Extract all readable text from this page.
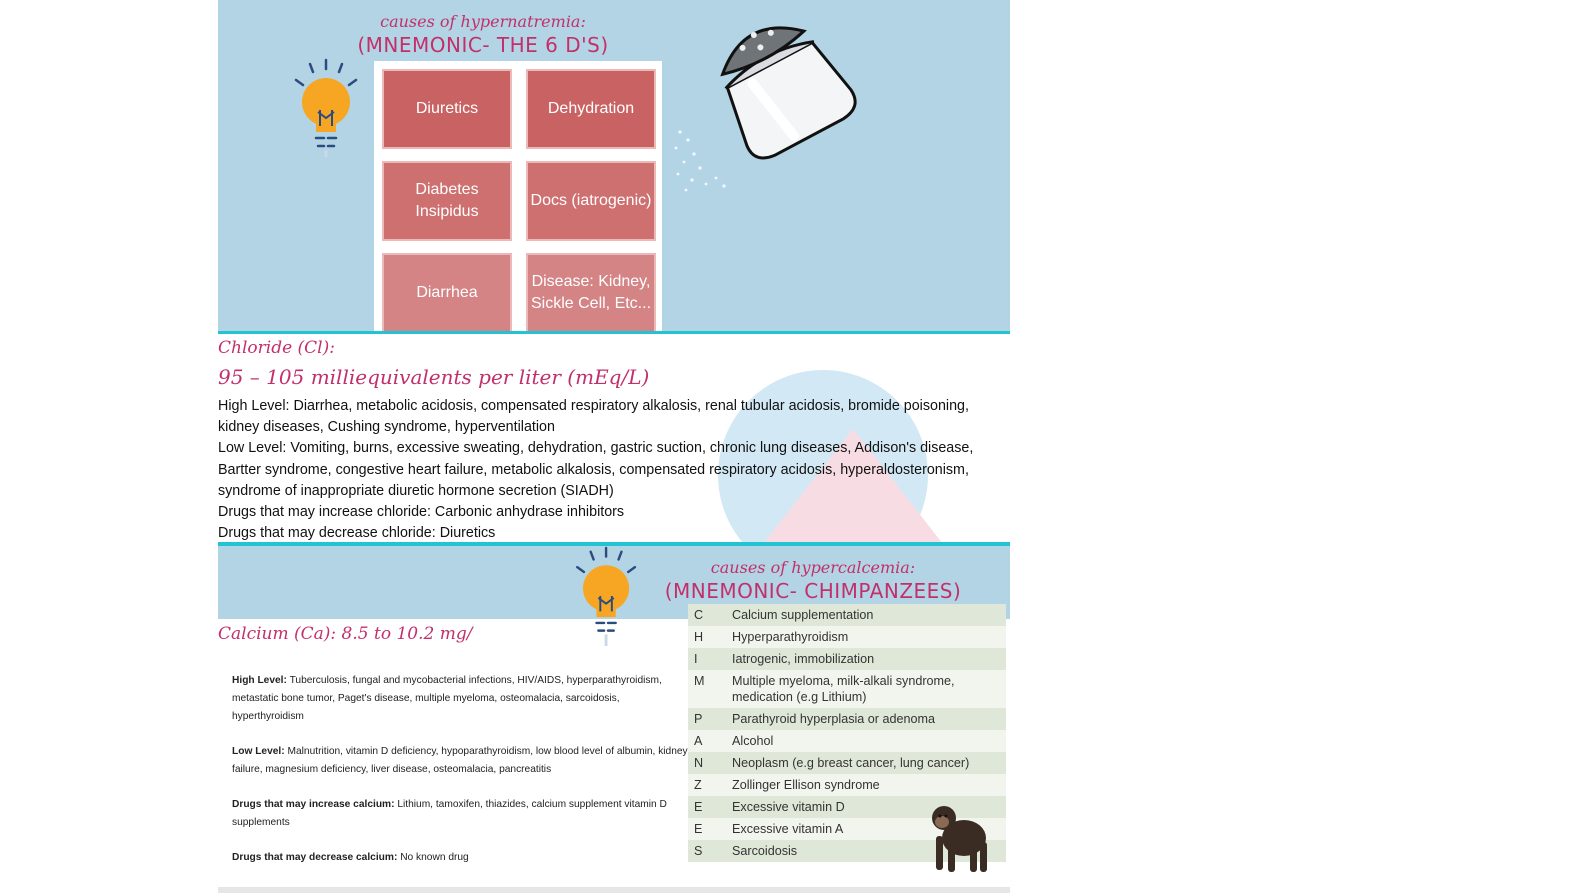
causes of hypernatremia:
(MNEMONIC- THE 6 D'S)
Diuretics	Dehydration
Diabetes Insipidus
Docs (iatrogenic)
Diarrhea
Disease: Kidney, Sickle Cell, Etc...
Chloride (Cl):
95 – 105 milliequivalents per liter (mEq/L)

High Level: Diarrhea, metabolic acidosis, compensated respiratory alkalosis, renal tubular acidosis, bromide poisoning, kidney diseases, Cushing syndrome, hyperventilation

Low Level: Vomiting, burns, excessive sweating, dehydration, gastric suction, chronic lung diseases, Addison's disease, Bartter syndrome, congestive heart failure, metabolic alkalosis, compensated respiratory acidosis, hyperaldosteronism, syndrome of inappropriate diuretic hormone secretion (SIADH)

Drugs that may increase chloride: Carbonic anhydrase inhibitors

Drugs that may decrease chloride: Diuretics

causes of hypercalcemia:
(MNEMONIC- CHIMPANZEES)
Calcium (Ca): 8.5 to 10.2 mg/

High Level: Tuberculosis, fungal and mycobacterial infections, HIV/AIDS, hyperparathyroidism, metastatic bone tumor, Paget's disease, multiple myeloma, osteomalacia, sarcoidosis, hyperthyroidism

Low Level: Malnutrition, vitamin D deficiency, hypoparathyroidism, low blood level of albumin, kidney failure, magnesium deficiency, liver disease, osteomalacia, pancreatitis

Drugs that may increase calcium: Lithium, tamoxifen, thiazides, calcium supplement vitamin D supplements

Drugs that may decrease calcium: No known drug

C	Calcium supplementation
H	Hyperparathyroidism
I	Iatrogenic, immobilization
M	Multiple myeloma, milk-alkali syndrome, medication (e.g Lithium)
P	Parathyroid hyperplasia or adenoma
A	Alcohol
N	Neoplasm (e.g breast cancer, lung cancer)
Z	Zollinger Ellison syndrome
E	Excessive vitamin D
E	Excessive vitamin A
S	Sarcoidosis
